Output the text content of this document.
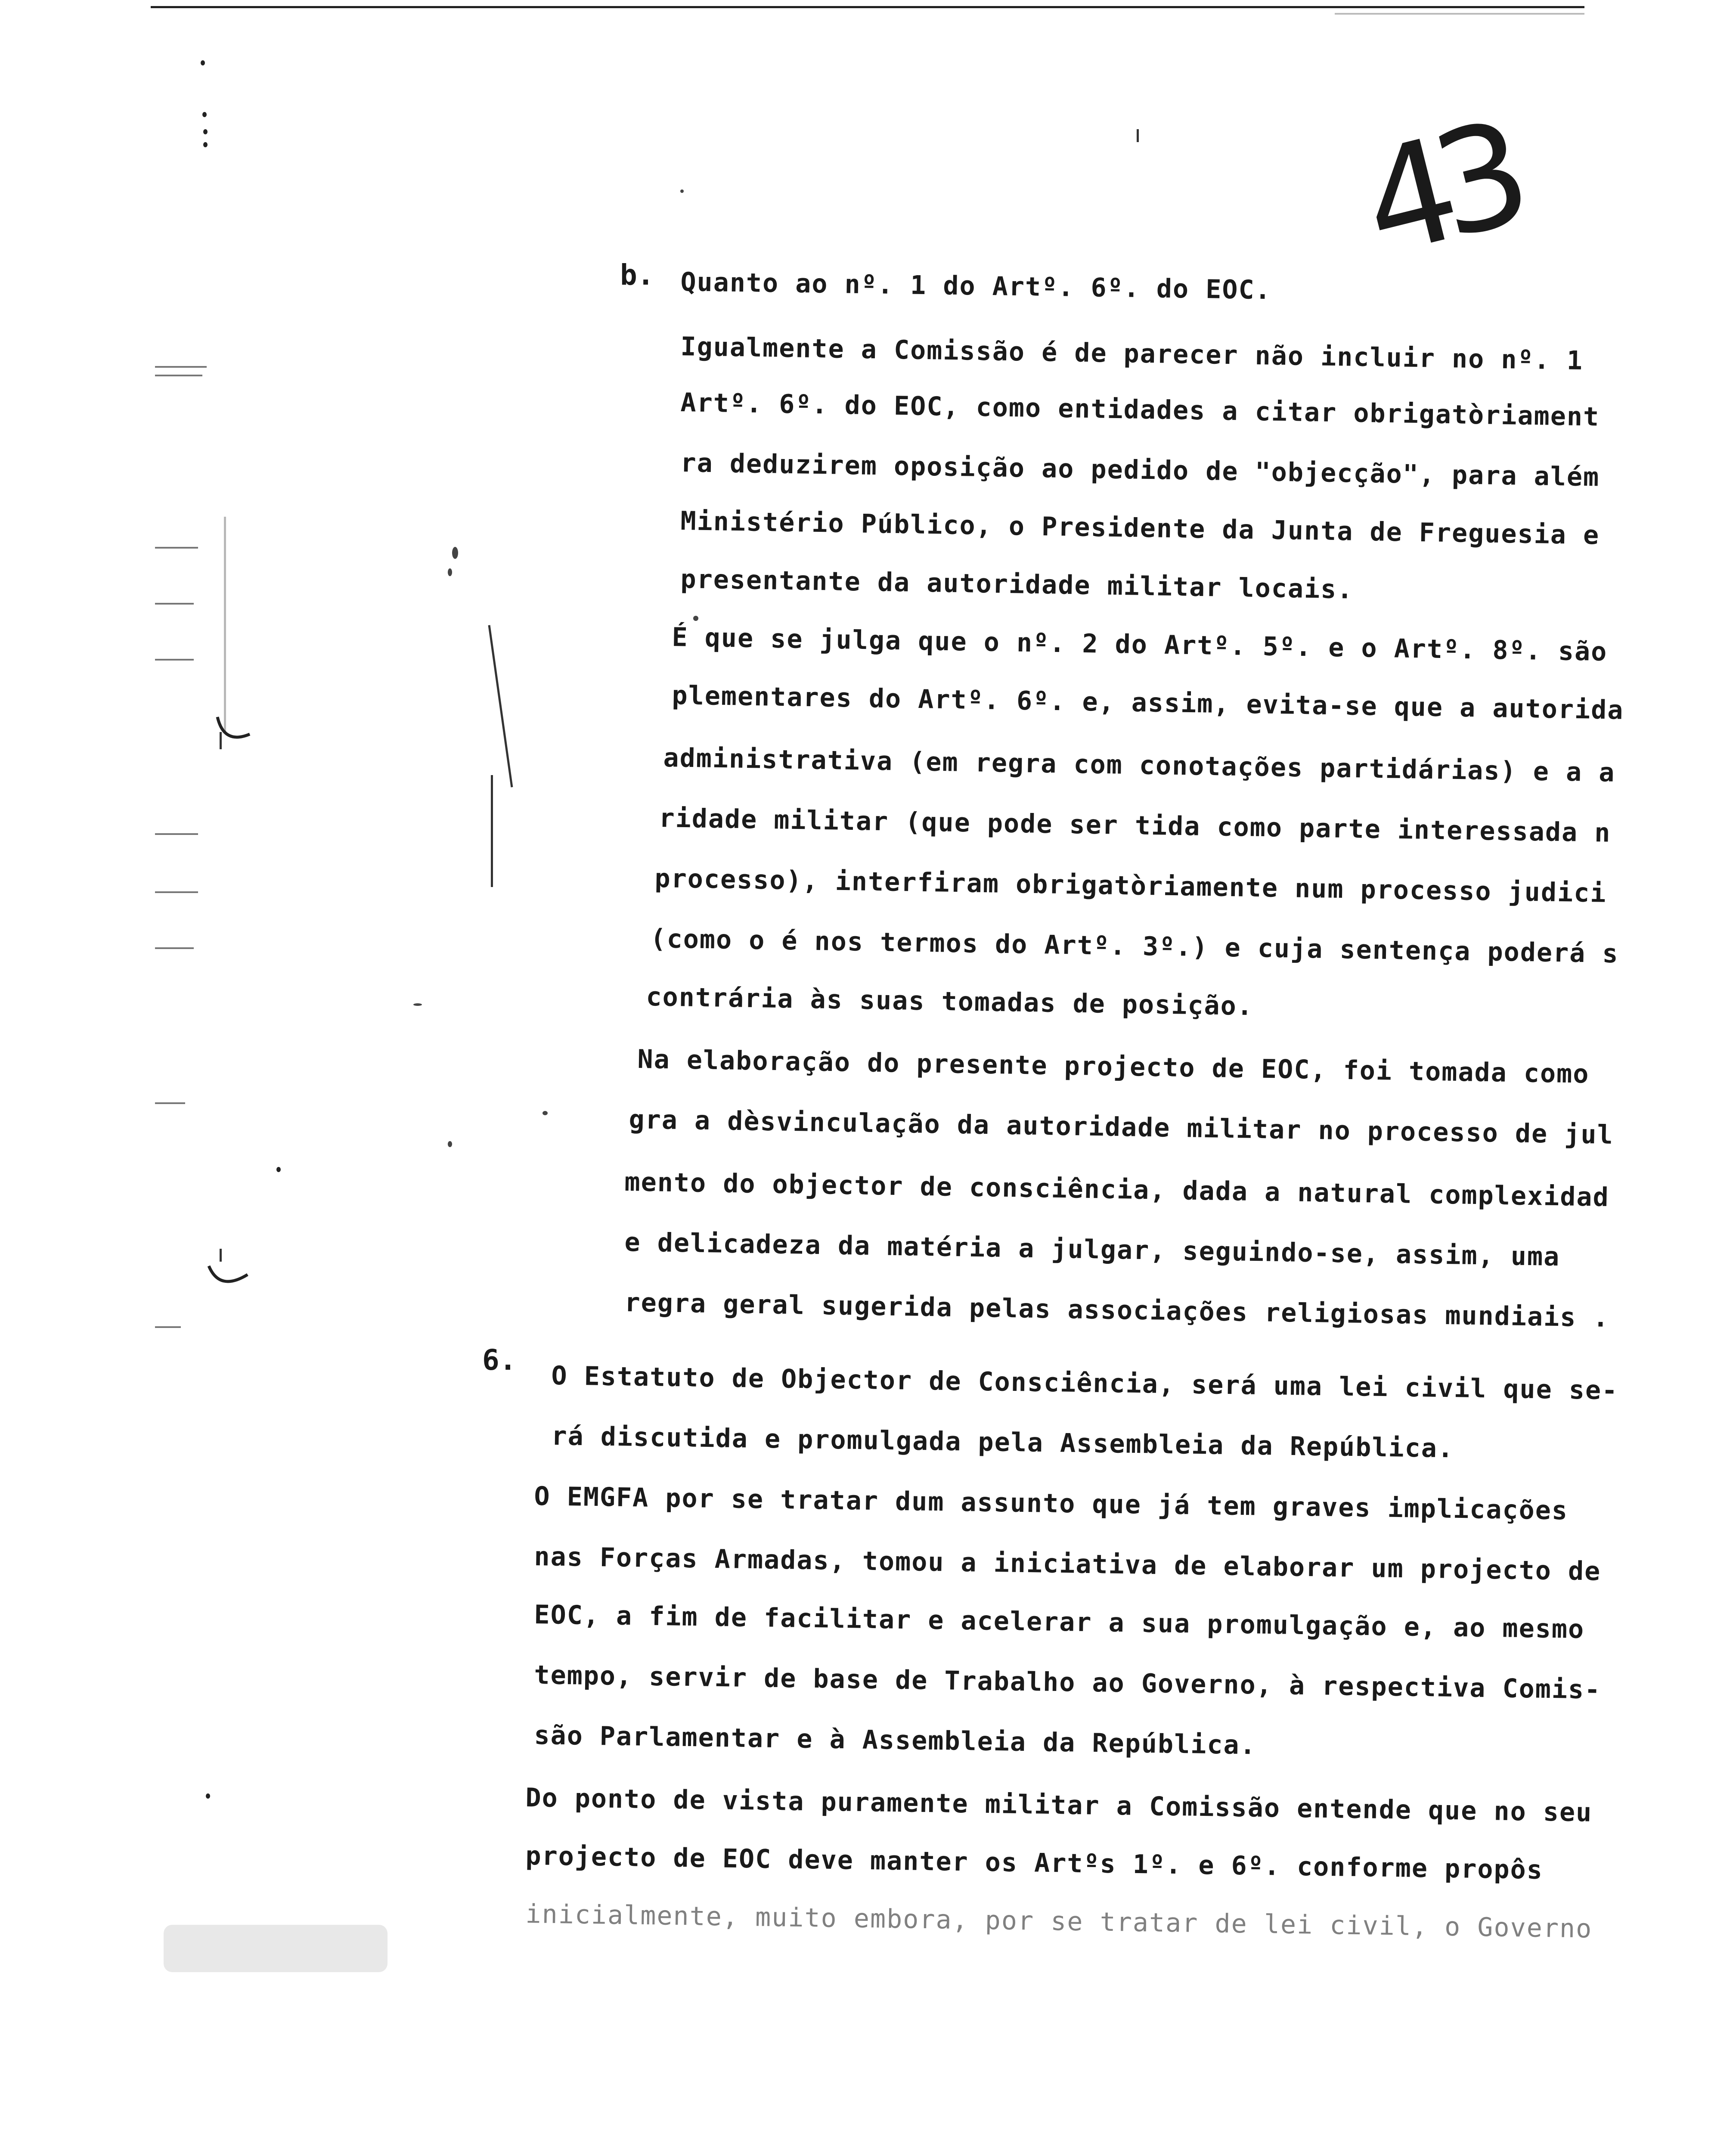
43
b. Quanto ao nº. 1 do Artº. 6º. do EOC.
Igualmente a Comissão é de parecer não incluir no nº. 1
Artº. 6º. do EOC, como entidades a citar obrigatòriament
ra deduzirem oposição ao pedido de "objecção", para além
Ministério Público, o Presidente da Junta de Freguesia e
presentante da autoridade militar locais.
É que se julga que o nº. 2 do Artº. 5º. e o Artº. 8º. são
plementares do Artº. 6º. e, assim, evita-se que a autorida
administrativa (em regra com conotações partidárias) e a a
ridade militar (que pode ser tida como parte interessada n
processo), interfiram obrigatòriamente num processo judici
(como o é nos termos do Artº. 3º.) e cuja sentença poderá s
contrária às suas tomadas de posição.
Na elaboração do presente projecto de EOC, foi tomada como
gra a dèsvinculação da autoridade militar no processo de jul
mento do objector de consciência, dada a natural complexidad
e delicadeza da matéria a julgar, seguindo-se, assim, uma
regra geral sugerida pelas associações religiosas mundiais .
6.
O Estatuto de Objector de Consciência, será uma lei civil que se-
rá discutida e promulgada pela Assembleia da República.
O EMGFA por se tratar dum assunto que já tem graves implicações
nas Forças Armadas, tomou a iniciativa de elaborar um projecto de
EOC, a fim de facilitar e acelerar a sua promulgação e, ao mesmo
tempo, servir de base de Trabalho ao Governo, à respectiva Comis-
são Parlamentar e à Assembleia da República.
Do ponto de vista puramente militar a Comissão entende que no seu
projecto de EOC deve manter os Artºs 1º. e 6º. conforme propôs
inicialmente, muito embora, por se tratar de lei civil, o Governo
